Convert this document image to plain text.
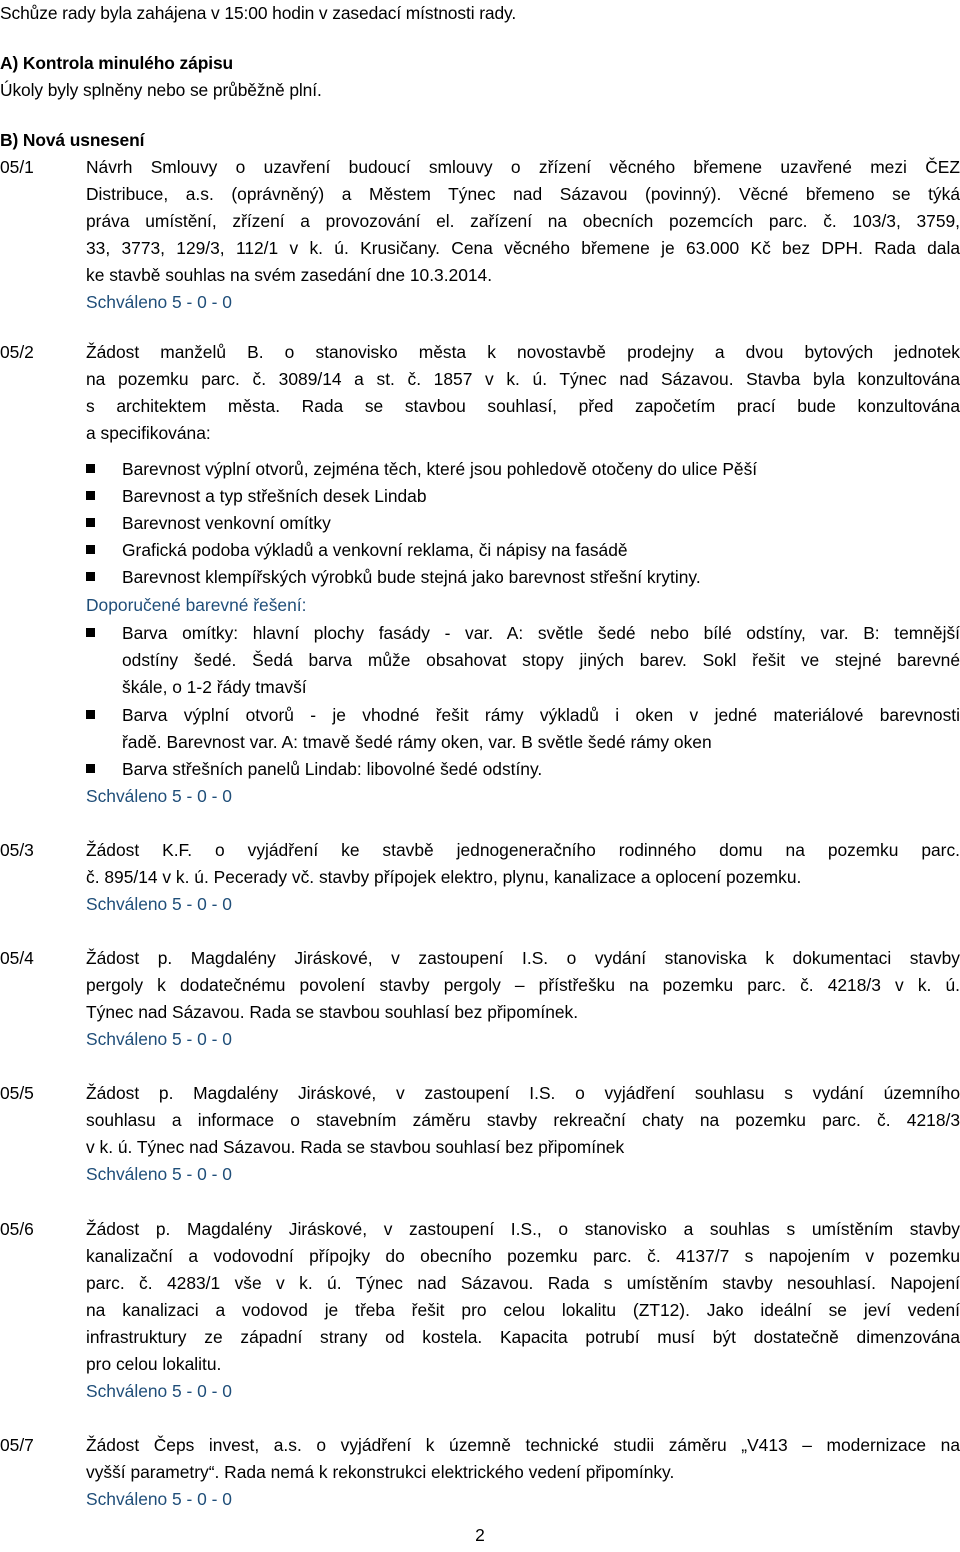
Schůze rady byla zahájena v 15:00 hodin v zasedací místnosti rady.
A) Kontrola minulého zápisu
Úkoly byly splněny nebo se průběžně plní.
B) Nová usnesení
05/1	Návrh Smlouvy o uzavření budoucí smlouvy o zřízení věcného břemene uzavřené mezi ČEZ
Distribuce, a.s. (oprávněný) a Městem Týnec nad Sázavou (povinný). Věcné břemeno se týká
práva umístění, zřízení a provozování el. zařízení na obecních pozemcích parc. č. 103/3, 3759,
33, 3773, 129/3, 112/1 v k. ú. Krusičany. Cena věcného břemene je 63.000 Kč bez DPH. Rada dala
ke stavbě souhlas na svém zasedání dne 10.3.2014.
Schváleno 5 - 0 - 0
05/2	Žádost manželů B. o stanovisko města k novostavbě prodejny a dvou bytových jednotek
na pozemku parc. č. 3089/14 a st. č. 1857 v k. ú. Týnec nad Sázavou. Stavba byla konzultována
s architektem města. Rada se stavbou souhlasí, před započetím prací bude konzultována
a specifikována:
Barevnost výplní otvorů, zejména těch, které jsou pohledově otočeny do ulice Pěší
Barevnost a typ střešních desek Lindab
Barevnost venkovní omítky
Grafická podoba výkladů a venkovní reklama, či nápisy na fasádě
Barevnost klempířských výrobků bude stejná jako barevnost střešní krytiny.
Doporučené barevné řešení:
Barva omítky: hlavní plochy fasády - var. A: světle šedé nebo bílé odstíny, var. B: temnější
odstíny šedé. Šedá barva může obsahovat stopy jiných barev. Sokl řešit ve stejné barevné
škále, o 1-2 řády tmavší
Barva výplní otvorů - je vhodné řešit rámy výkladů i oken v jedné materiálové barevnosti
řadě. Barevnost var. A: tmavě šedé rámy oken, var. B světle šedé rámy oken
Barva střešních panelů Lindab: libovolné šedé odstíny.
Schváleno 5 - 0 - 0
05/3	Žádost K.F. o vyjádření ke stavbě jednogeneračního rodinného domu na pozemku parc.
č. 895/14 v k. ú. Pecerady vč. stavby přípojek elektro, plynu, kanalizace a oplocení pozemku.
Schváleno 5 - 0 - 0
05/4	Žádost p. Magdalény Jiráskové, v zastoupení I.S. o vydání stanoviska k dokumentaci stavby
pergoly k dodatečnému povolení stavby pergoly – přístřešku na pozemku parc. č. 4218/3 v k. ú.
Týnec nad Sázavou. Rada se stavbou souhlasí bez připomínek.
Schváleno 5 - 0 - 0
05/5	Žádost p. Magdalény Jiráskové, v zastoupení I.S. o vyjádření souhlasu s vydání územního
souhlasu a informace o stavebním záměru stavby rekreační chaty na pozemku parc. č. 4218/3
v k. ú. Týnec nad Sázavou. Rada se stavbou souhlasí bez připomínek
Schváleno 5 - 0 - 0
05/6	Žádost p. Magdalény Jiráskové, v zastoupení I.S., o stanovisko a souhlas s umístěním stavby
kanalizační a vodovodní přípojky do obecního pozemku parc. č. 4137/7 s napojením v pozemku
parc. č. 4283/1 vše v k. ú. Týnec nad Sázavou. Rada s umístěním stavby nesouhlasí. Napojení
na kanalizaci a vodovod je třeba řešit pro celou lokalitu (ZT12). Jako ideální se jeví vedení
infrastruktury ze západní strany od kostela. Kapacita potrubí musí být dostatečně dimenzována
pro celou lokalitu.
Schváleno 5 - 0 - 0
05/7	Žádost Čeps invest, a.s. o vyjádření k územně technické studii záměru „V413 – modernizace na
vyšší parametry“. Rada nemá k rekonstrukci elektrického vedení připomínky.
Schváleno 5 - 0 - 0
2
